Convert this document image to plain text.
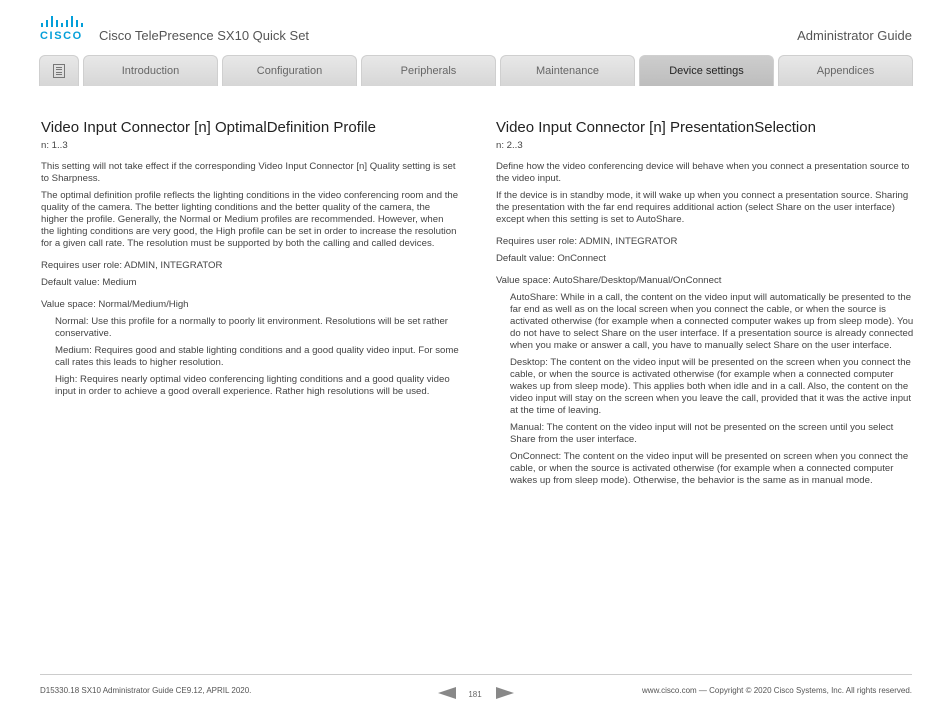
CISCO Cisco TelePresence SX10 Quick Set	Administrator Guide
Introduction	Configuration	Peripherals	Maintenance	Device settings	Appendices
Video Input Connector [n] OptimalDefinition Profile
n: 1..3

This setting will not take effect if the corresponding Video Input Connector [n] Quality setting is set to Sharpness.

The optimal definition profile reflects the lighting conditions in the video conferencing room and the quality of the camera. The better lighting conditions and the better quality of the camera, the higher the profile. Generally, the Normal or Medium profiles are recommended. However, when the lighting conditions are very good, the High profile can be set in order to increase the resolution for a given call rate. The resolution must be supported by both the calling and called devices.

Requires user role: ADMIN, INTEGRATOR

Default value: Medium

Value space: Normal/Medium/High

Normal: Use this profile for a normally to poorly lit environment. Resolutions will be set rather conservative.

Medium: Requires good and stable lighting conditions and a good quality video input. For some call rates this leads to higher resolution.

High: Requires nearly optimal video conferencing lighting conditions and a good quality video input in order to achieve a good overall experience. Rather high resolutions will be used.

Video Input Connector [n] PresentationSelection
n: 2..3

Define how the video conferencing device will behave when you connect a presentation source to the video input.

If the device is in standby mode, it will wake up when you connect a presentation source. Sharing the presentation with the far end requires additional action (select Share on the user interface) except when this setting is set to AutoShare.

Requires user role: ADMIN, INTEGRATOR

Default value: OnConnect

Value space: AutoShare/Desktop/Manual/OnConnect

AutoShare: While in a call, the content on the video input will automatically be presented to the far end as well as on the local screen when you connect the cable, or when the source is activated otherwise (for example when a connected computer wakes up from sleep mode). You do not have to select Share on the user interface. If a presentation source is already connected when you make or answer a call, you have to manually select Share on the user interface.

Desktop: The content on the video input will be presented on the screen when you connect the cable, or when the source is activated otherwise (for example when a connected computer wakes up from sleep mode). This applies both when idle and in a call. Also, the content on the video input will stay on the screen when you leave the call, provided that it was the active input at the time of leaving.

Manual: The content on the video input will not be presented on the screen until you select Share from the user interface.

OnConnect: The content on the video input will be presented on screen when you connect the cable, or when the source is activated otherwise (for example when a connected computer wakes up from sleep mode). Otherwise, the behavior is the same as in manual mode.

D15330.18 SX10 Administrator Guide CE9.12, APRIL 2020.	181	www.cisco.com — Copyright © 2020 Cisco Systems, Inc. All rights reserved.
